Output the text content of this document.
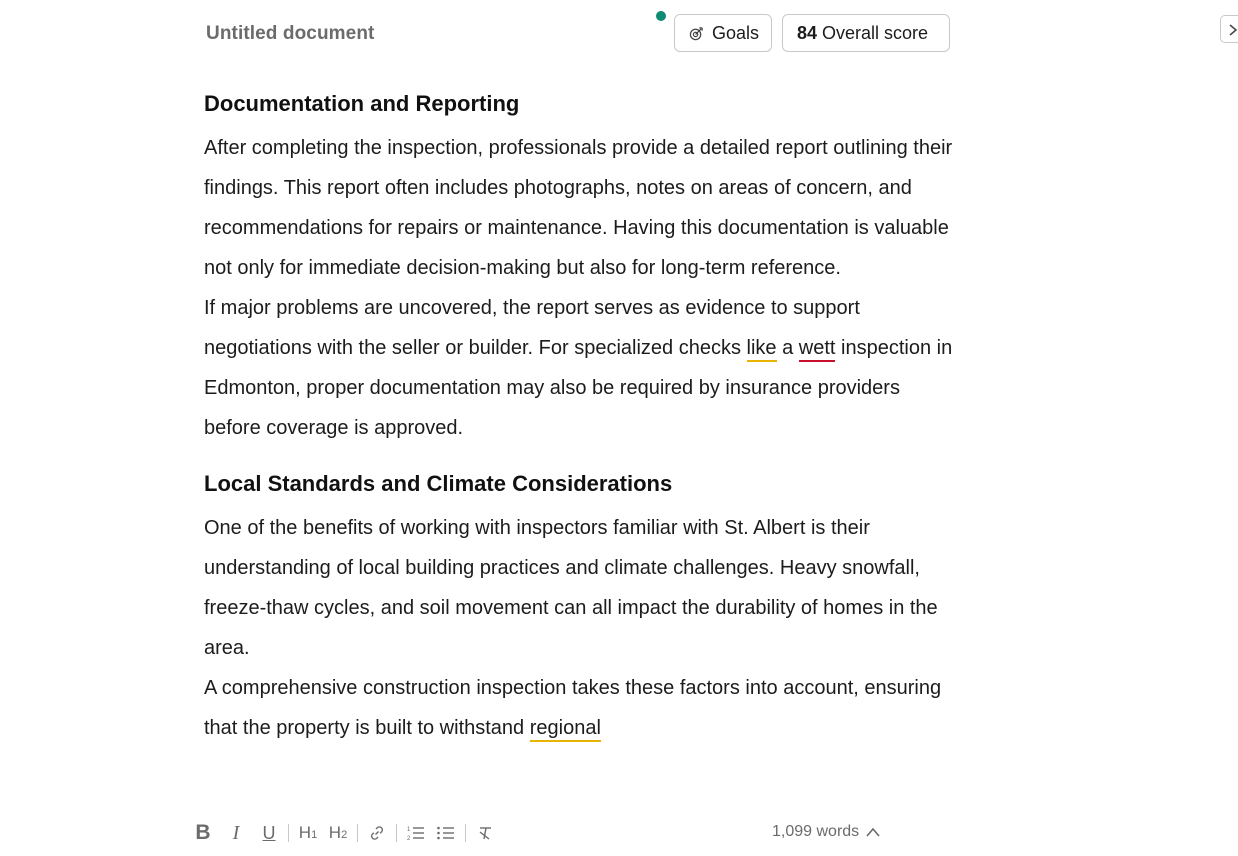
Untitled document	Goals 84 Overall score
Documentation and Reporting

After completing the inspection, professionals provide a detailed report outlining their findings. This report often includes photographs, notes on areas of concern, and recommendations for repairs or maintenance. Having this documentation is valuable not only for immediate decision-making but also for long-term reference.

If major problems are uncovered, the report serves as evidence to support negotiations with the seller or builder. For specialized checks like a wett inspection in Edmonton, proper documentation may also be required by insurance providers before coverage is approved.

Local Standards and Climate Considerations

One of the benefits of working with inspectors familiar with St. Albert is their understanding of local building practices and climate challenges. Heavy snowfall, freeze-thaw cycles, and soil movement can all impact the durability of homes in the area.

A comprehensive construction inspection takes these factors into account, ensuring that the property is built to withstand regional

B	I	U $H_1$ $H_2$	1
2	1,099 words
